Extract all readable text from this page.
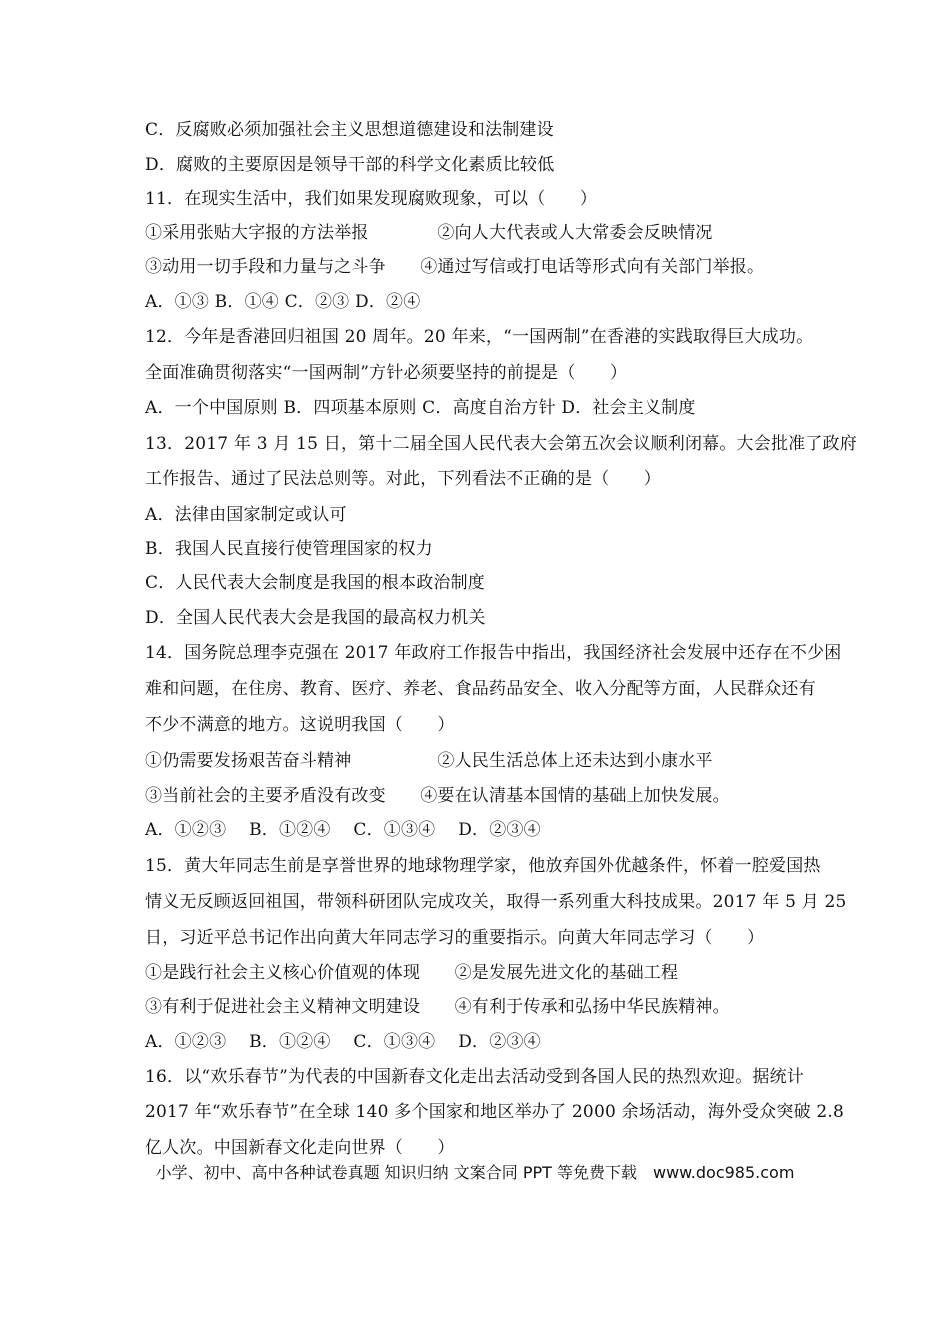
C．反腐败必须加强社会主义思想道德建设和法制建设
D．腐败的主要原因是领导干部的科学文化素质比较低
11．在现实生活中，我们如果发现腐败现象，可以（　　）
①采用张贴大字报的方法举报　　　　②向人大代表或人大常委会反映情况
③动用一切手段和力量与之斗争　　④通过写信或打电话等形式向有关部门举报。
A．①③ B．①④ C．②③ D．②④
12．今年是香港回归祖国 20 周年。20 年来，“一国两制”在香港的实践取得巨大成功。
全面准确贯彻落实“一国两制”方针必须要坚持的前提是（　　）
A．一个中国原则 B．四项基本原则 C．高度自治方针 D．社会主义制度
13．2017 年 3 月 15 日，第十二届全国人民代表大会第五次会议顺利闭幕。大会批准了政府
工作报告、通过了民法总则等。对此，下列看法不正确的是（　　）
A．法律由国家制定或认可
B．我国人民直接行使管理国家的权力
C．人民代表大会制度是我国的根本政治制度
D．全国人民代表大会是我国的最高权力机关
14．国务院总理李克强在 2017 年政府工作报告中指出，我国经济社会发展中还存在不少困
难和问题，在住房、教育、医疗、养老、食品药品安全、收入分配等方面，人民群众还有
不少不满意的地方。这说明我国（　　）
①仍需要发扬艰苦奋斗精神　　　　　②人民生活总体上还未达到小康水平
③当前社会的主要矛盾没有改变　　④要在认清基本国情的基础上加快发展。
A．①②③　 B．①②④　 C．①③④　 D．②③④
15．黄大年同志生前是享誉世界的地球物理学家，他放弃国外优越条件，怀着一腔爱国热
情义无反顾返回祖国，带领科研团队完成攻关，取得一系列重大科技成果。2017 年 5 月 25
日，习近平总书记作出向黄大年同志学习的重要指示。向黄大年同志学习（　　）
①是践行社会主义核心价值观的体现　　②是发展先进文化的基础工程
③有利于促进社会主义精神文明建设　　④有利于传承和弘扬中华民族精神。
A．①②③　 B．①②④　 C．①③④　 D．②③④
16．以“欢乐春节”为代表的中国新春文化走出去活动受到各国人民的热烈欢迎。据统计
2017 年“欢乐春节”在全球 140 多个国家和地区举办了 2000 余场活动，海外受众突破 2.8
亿人次。中国新春文化走向世界（　　）
小学、初中、高中各种试卷真题 知识归纳 文案合同 PPT 等免费下载　www.doc985.com
